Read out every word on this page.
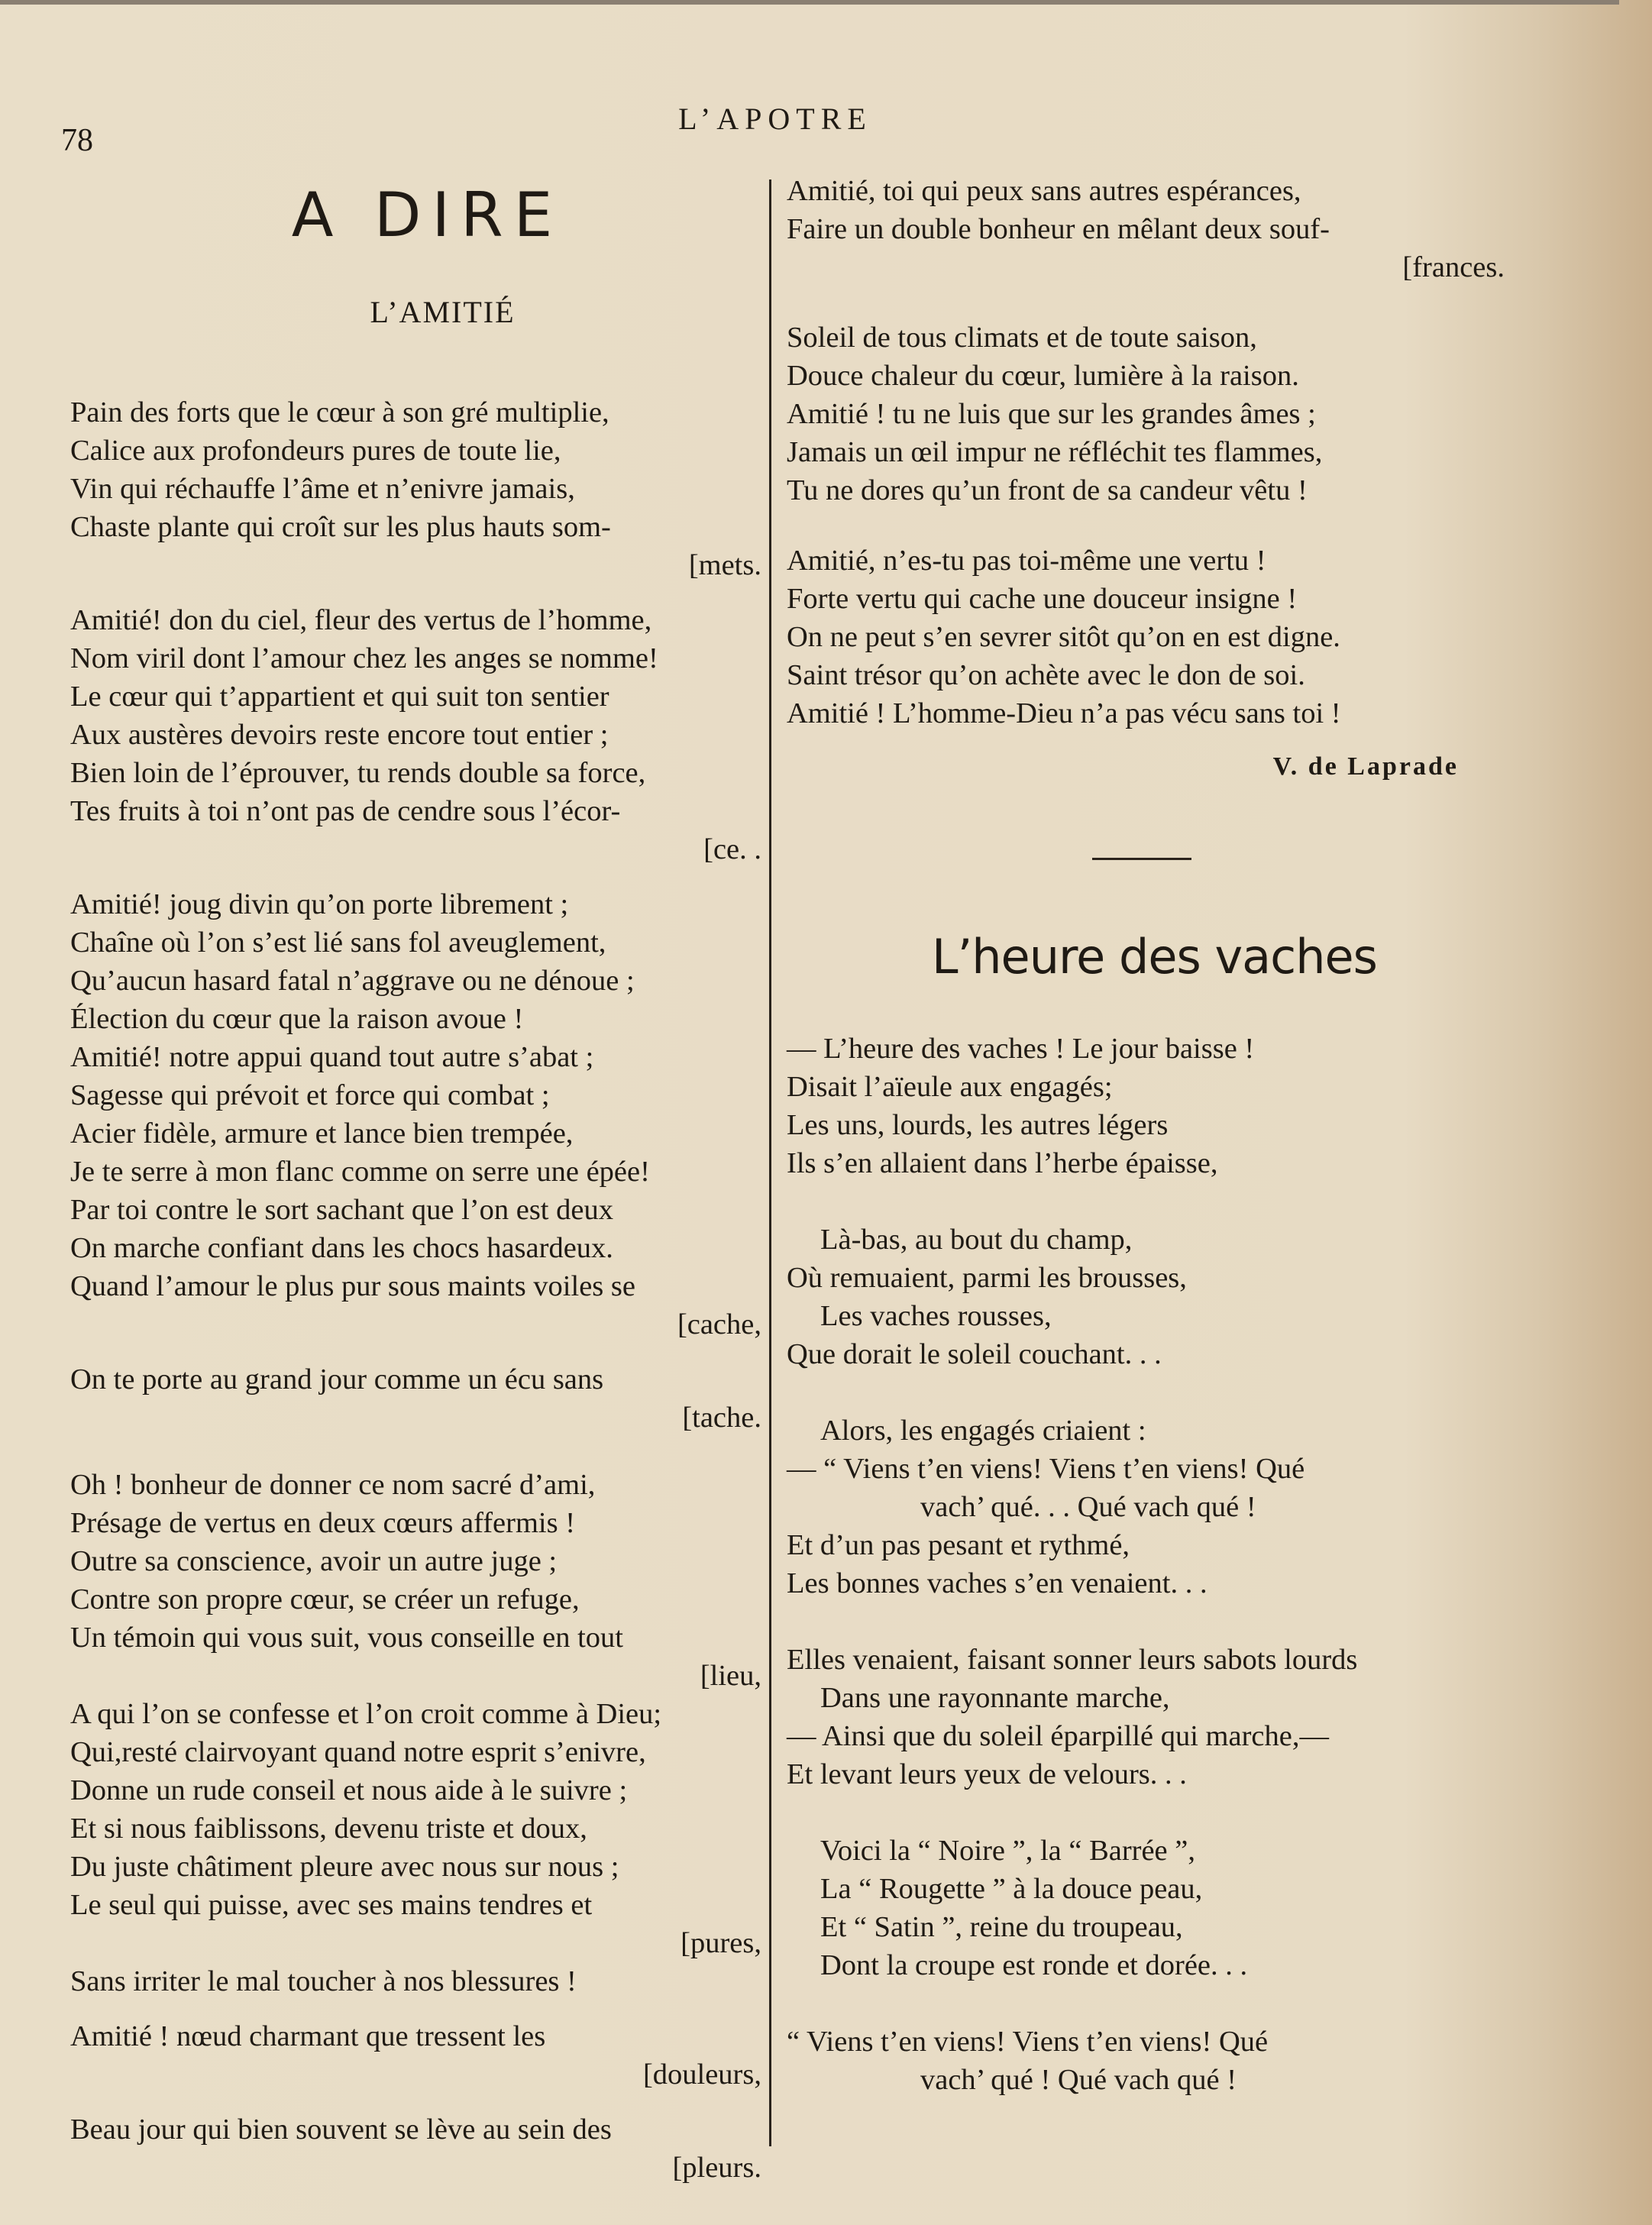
78
L’APOTRE
A DIRE
L’AMITIÉ
Pain des forts que le cœur à son gré multiplie,
Calice aux profondeurs pures de toute lie,
Vin qui réchauffe l’âme et n’enivre jamais,
Chaste plante qui croît sur les plus hauts som-
[mets.
Amitié! don du ciel, fleur des vertus de l’homme,
Nom viril dont l’amour chez les anges se nomme!
Le cœur qui t’appartient et qui suit ton sentier
Aux austères devoirs reste encore tout entier ;
Bien loin de l’éprouver, tu rends double sa force,
Tes fruits à toi n’ont pas de cendre sous l’écor-
[ce. .
Amitié! joug divin qu’on porte librement ;
Chaîne où l’on s’est lié sans fol aveuglement,
Qu’aucun hasard fatal n’aggrave ou ne dénoue ;
Élection du cœur que la raison avoue !
Amitié! notre appui quand tout autre s’abat ;
Sagesse qui prévoit et force qui combat ;
Acier fidèle, armure et lance bien trempée,
Je te serre à mon flanc comme on serre une épée!
Par toi contre le sort sachant que l’on est deux
On marche confiant dans les chocs hasardeux.
Quand l’amour le plus pur sous maints voiles se
[cache,
On te porte au grand jour comme un écu sans
[tache.
Oh ! bonheur de donner ce nom sacré d’ami,
Présage de vertus en deux cœurs affermis !
Outre sa conscience, avoir un autre juge ;
Contre son propre cœur, se créer un refuge,
Un témoin qui vous suit, vous conseille en tout
[lieu,
A qui l’on se confesse et l’on croit comme à Dieu;
Qui,resté clairvoyant quand notre esprit s’enivre,
Donne un rude conseil et nous aide à le suivre ;
Et si nous faiblissons, devenu triste et doux,
Du juste châtiment pleure avec nous sur nous ;
Le seul qui puisse, avec ses mains tendres et
[pures,
Sans irriter le mal toucher à nos blessures !
Amitié ! nœud charmant que tressent les
[douleurs,
Beau jour qui bien souvent se lève au sein des
[pleurs.
Amitié, toi qui peux sans autres espérances,
Faire un double bonheur en mêlant deux souf-
[frances.
Soleil de tous climats et de toute saison,
Douce chaleur du cœur, lumière à la raison.
Amitié ! tu ne luis que sur les grandes âmes ;
Jamais un œil impur ne réfléchit tes flammes,
Tu ne dores qu’un front de sa candeur vêtu !
Amitié, n’es-tu pas toi-même une vertu !
Forte vertu qui cache une douceur insigne !
On ne peut s’en sevrer sitôt qu’on en est digne.
Saint trésor qu’on achète avec le don de soi.
Amitié ! L’homme-Dieu n’a pas vécu sans toi !
V. de Laprade
L’heure des vaches
— L’heure des vaches ! Le jour baisse !
Disait l’aïeule aux engagés;
Les uns, lourds, les autres légers
Ils s’en allaient dans l’herbe épaisse,
Là-bas, au bout du champ,
Où remuaient, parmi les brousses,
Les vaches rousses,
Que dorait le soleil couchant. . .
Alors, les engagés criaient :
— “ Viens t’en viens! Viens t’en viens! Qué
vach’ qué. . . Qué vach qué !
Et d’un pas pesant et rythmé,
Les bonnes vaches s’en venaient. . .
Elles venaient, faisant sonner leurs sabots lourds
Dans une rayonnante marche,
— Ainsi que du soleil éparpillé qui marche,—
Et levant leurs yeux de velours. . .
Voici la “ Noire ”, la “ Barrée ”,
La “ Rougette ” à la douce peau,
Et “ Satin ”, reine du troupeau,
Dont la croupe est ronde et dorée. . .
“ Viens t’en viens! Viens t’en viens! Qué
vach’ qué ! Qué vach qué !
